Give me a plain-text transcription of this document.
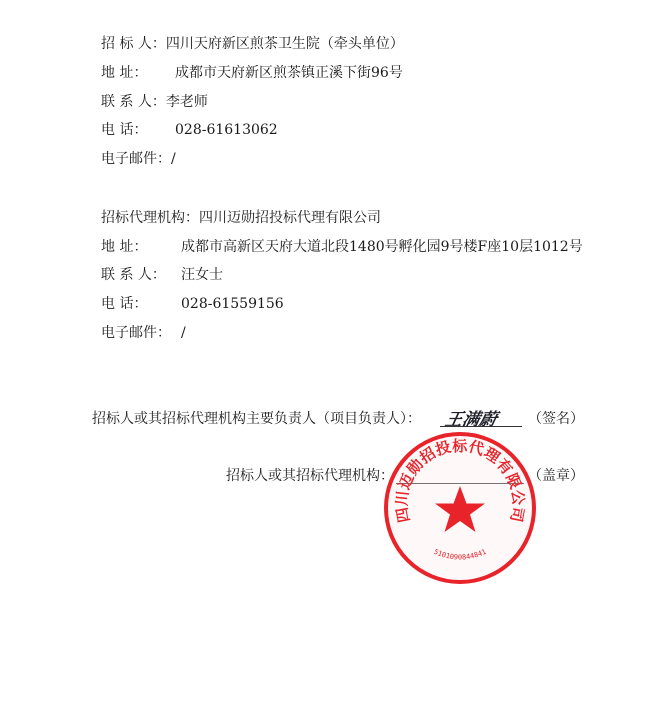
招 标 人：四川天府新区煎茶卫生院（牵头单位）
地 址： 成都市天府新区煎茶镇正溪下街96号
联 系 人：李老师
电 话： 028-61613062
电子邮件：/
招标代理机构：四川迈勋招投标代理有限公司
地 址： 成都市高新区天府大道北段1480号孵化园9号楼F座10层1012号
联 系 人： 汪女士
电 话： 028-61559156
电子邮件： /
招标人或其招标代理机构主要负责人（项目负责人）： 王满蔚 （签名）
招标人或其招标代理机构：	（盖章）
四川迈勋招投标代理有限公司
5101090844841
